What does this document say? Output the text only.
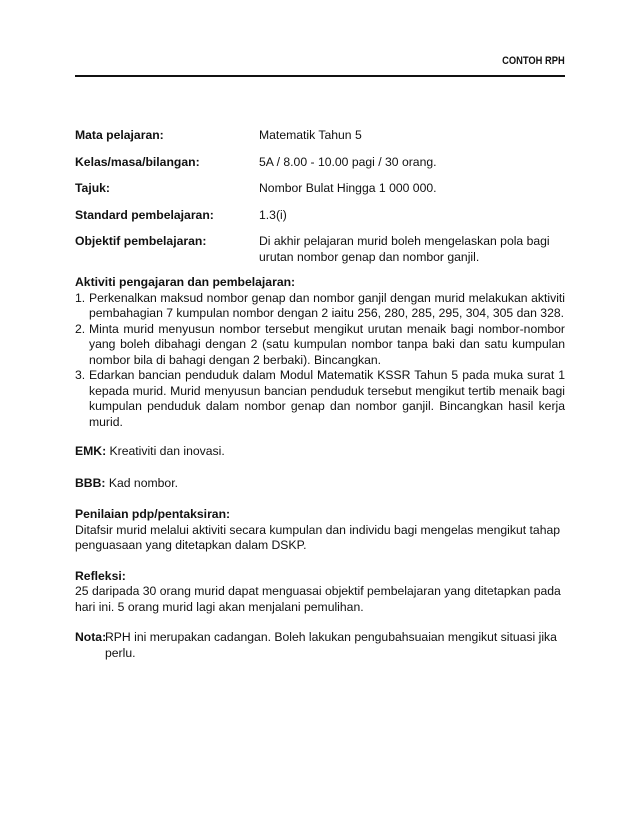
CONTOH RPH
Mata pelajaran:	Matematik Tahun 5
Kelas/masa/bilangan:	5A / 8.00 - 10.00 pagi / 30 orang.
Tajuk:	Nombor Bulat Hingga 1 000 000.
Standard pembelajaran:	1.3(i)
Objektif pembelajaran:	Di akhir pelajaran murid boleh mengelaskan pola bagi urutan nombor genap dan nombor ganjil.
Aktiviti pengajaran dan pembelajaran:
1. Perkenalkan maksud nombor genap dan nombor ganjil dengan murid melakukan aktiviti pembahagian 7 kumpulan nombor dengan 2 iaitu 256, 280, 285, 295, 304, 305 dan 328.
2. Minta murid menyusun nombor tersebut mengikut urutan menaik bagi nombor-nombor yang boleh dibahagi dengan 2 (satu kumpulan nombor tanpa baki dan satu kumpulan nombor bila di bahagi dengan 2 berbaki). Bincangkan.
3. Edarkan bancian penduduk dalam Modul Matematik KSSR Tahun 5 pada muka surat 1 kepada murid. Murid menyusun bancian penduduk tersebut mengikut tertib menaik bagi kumpulan penduduk dalam nombor genap dan nombor ganjil. Bincangkan hasil kerja murid.
EMK: Kreativiti dan inovasi.
BBB: Kad nombor.
Penilaian pdp/pentaksiran:
Ditafsir murid melalui aktiviti secara kumpulan dan individu bagi mengelas mengikut tahap penguasaan yang ditetapkan dalam DSKP.
Refleksi:
25 daripada 30 orang murid dapat menguasai objektif pembelajaran yang ditetapkan pada hari ini. 5 orang murid lagi akan menjalani pemulihan.
Nota:
RPH ini merupakan cadangan. Boleh lakukan pengubahsuaian mengikut situasi jika perlu.
